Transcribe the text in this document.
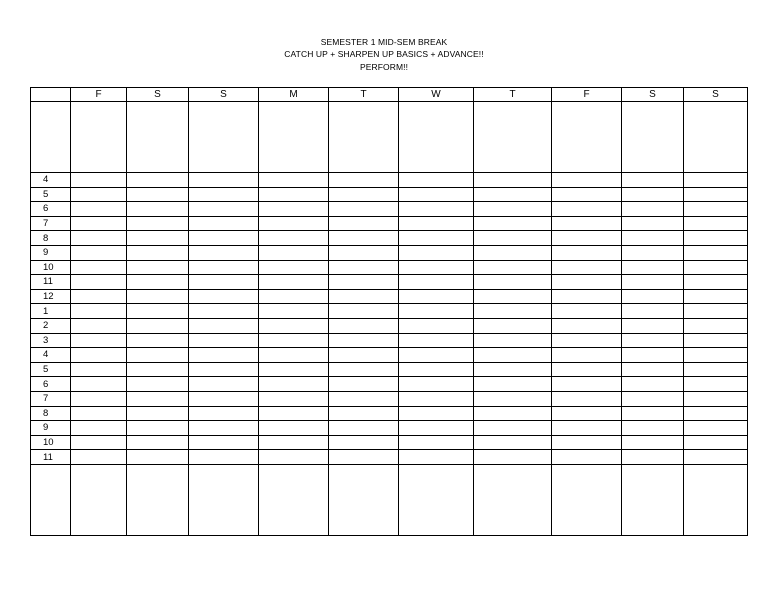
SEMESTER 1 MID-SEM BREAK
CATCH UP + SHARPEN UP BASICS + ADVANCE!!
PERFORM!!
	F	S	S	M	T	W	T	F	S	S

4										
5										
6										
7										
8										
9										
10										
11										
12										
1										
2										
3										
4										
5										
6										
7										
8										
9										
10										
11										
